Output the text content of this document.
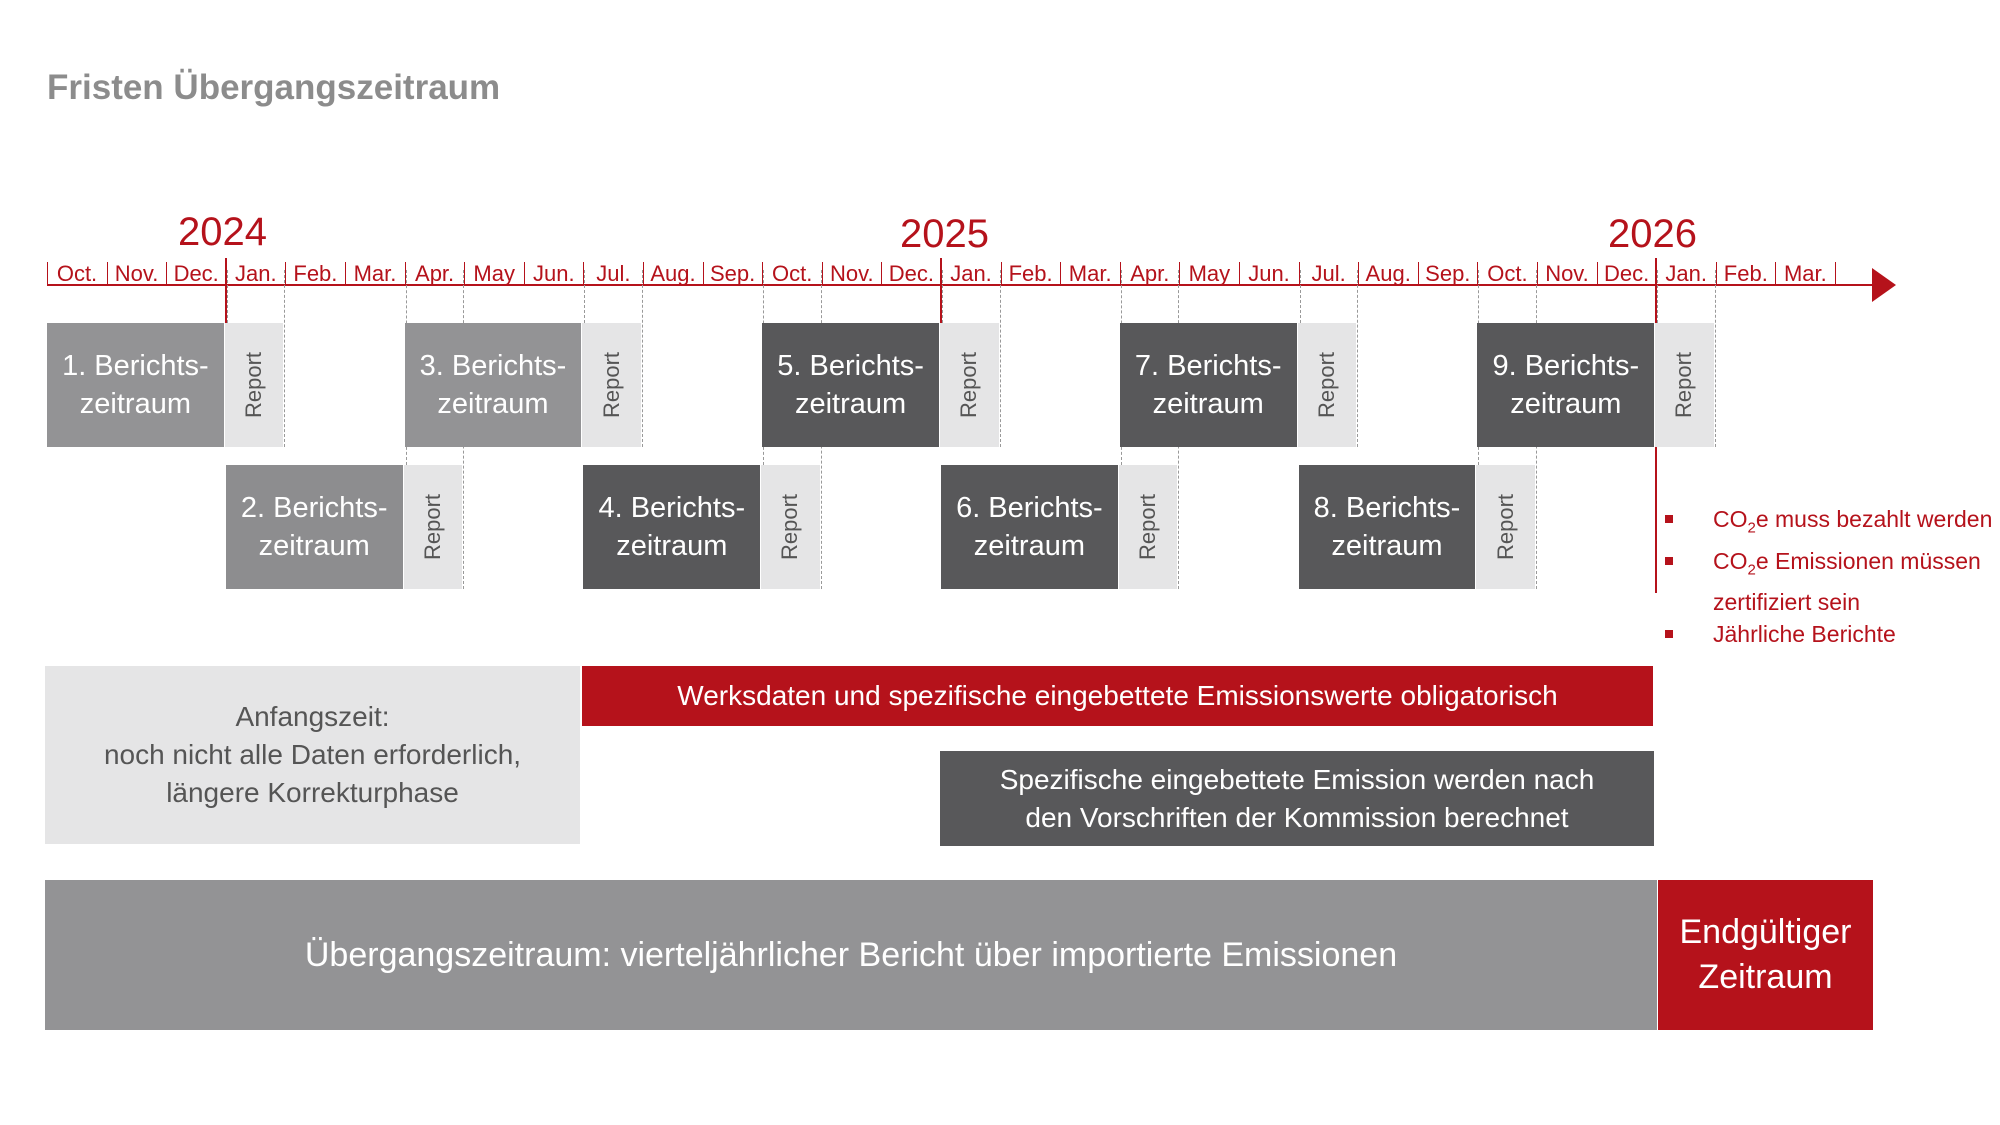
Fristen Übergangszeitraum
Oct. Nov. Dec. Jan. Feb. Mar. Apr. May Jun. Jul. Aug. Sep. Oct. Nov. Dec. Jan. Feb. Mar. Apr. May Jun. Jul. Aug. Sep. Oct. Nov. Dec. Jan. Feb. Mar.
2024	2025	2026
1. Berichts-
zeitraum	Report
2. Berichts-
zeitraum	Report
3. Berichts-
zeitraum	Report
4. Berichts-
zeitraum	Report
5. Berichts-
zeitraum	Report
6. Berichts-
zeitraum	Report
7. Berichts-
zeitraum	Report
8. Berichts-
zeitraum	Report
9. Berichts-
zeitraum	Report
Anfangszeit:
noch nicht alle Daten erforderlich,
längere Korrekturphase
Werksdaten und spezifische eingebettete Emissionswerte obligatorisch
Spezifische eingebettete Emission werden nach
den Vorschriften der Kommission berechnet
Übergangszeitraum: vierteljährlicher Bericht über importierte Emissionen
Endgültiger
Zeitraum
$CO_2e$ muss bezahlt werden
$CO_2e$ Emissionen müssen zertifiziert sein
Jährliche Berichte
